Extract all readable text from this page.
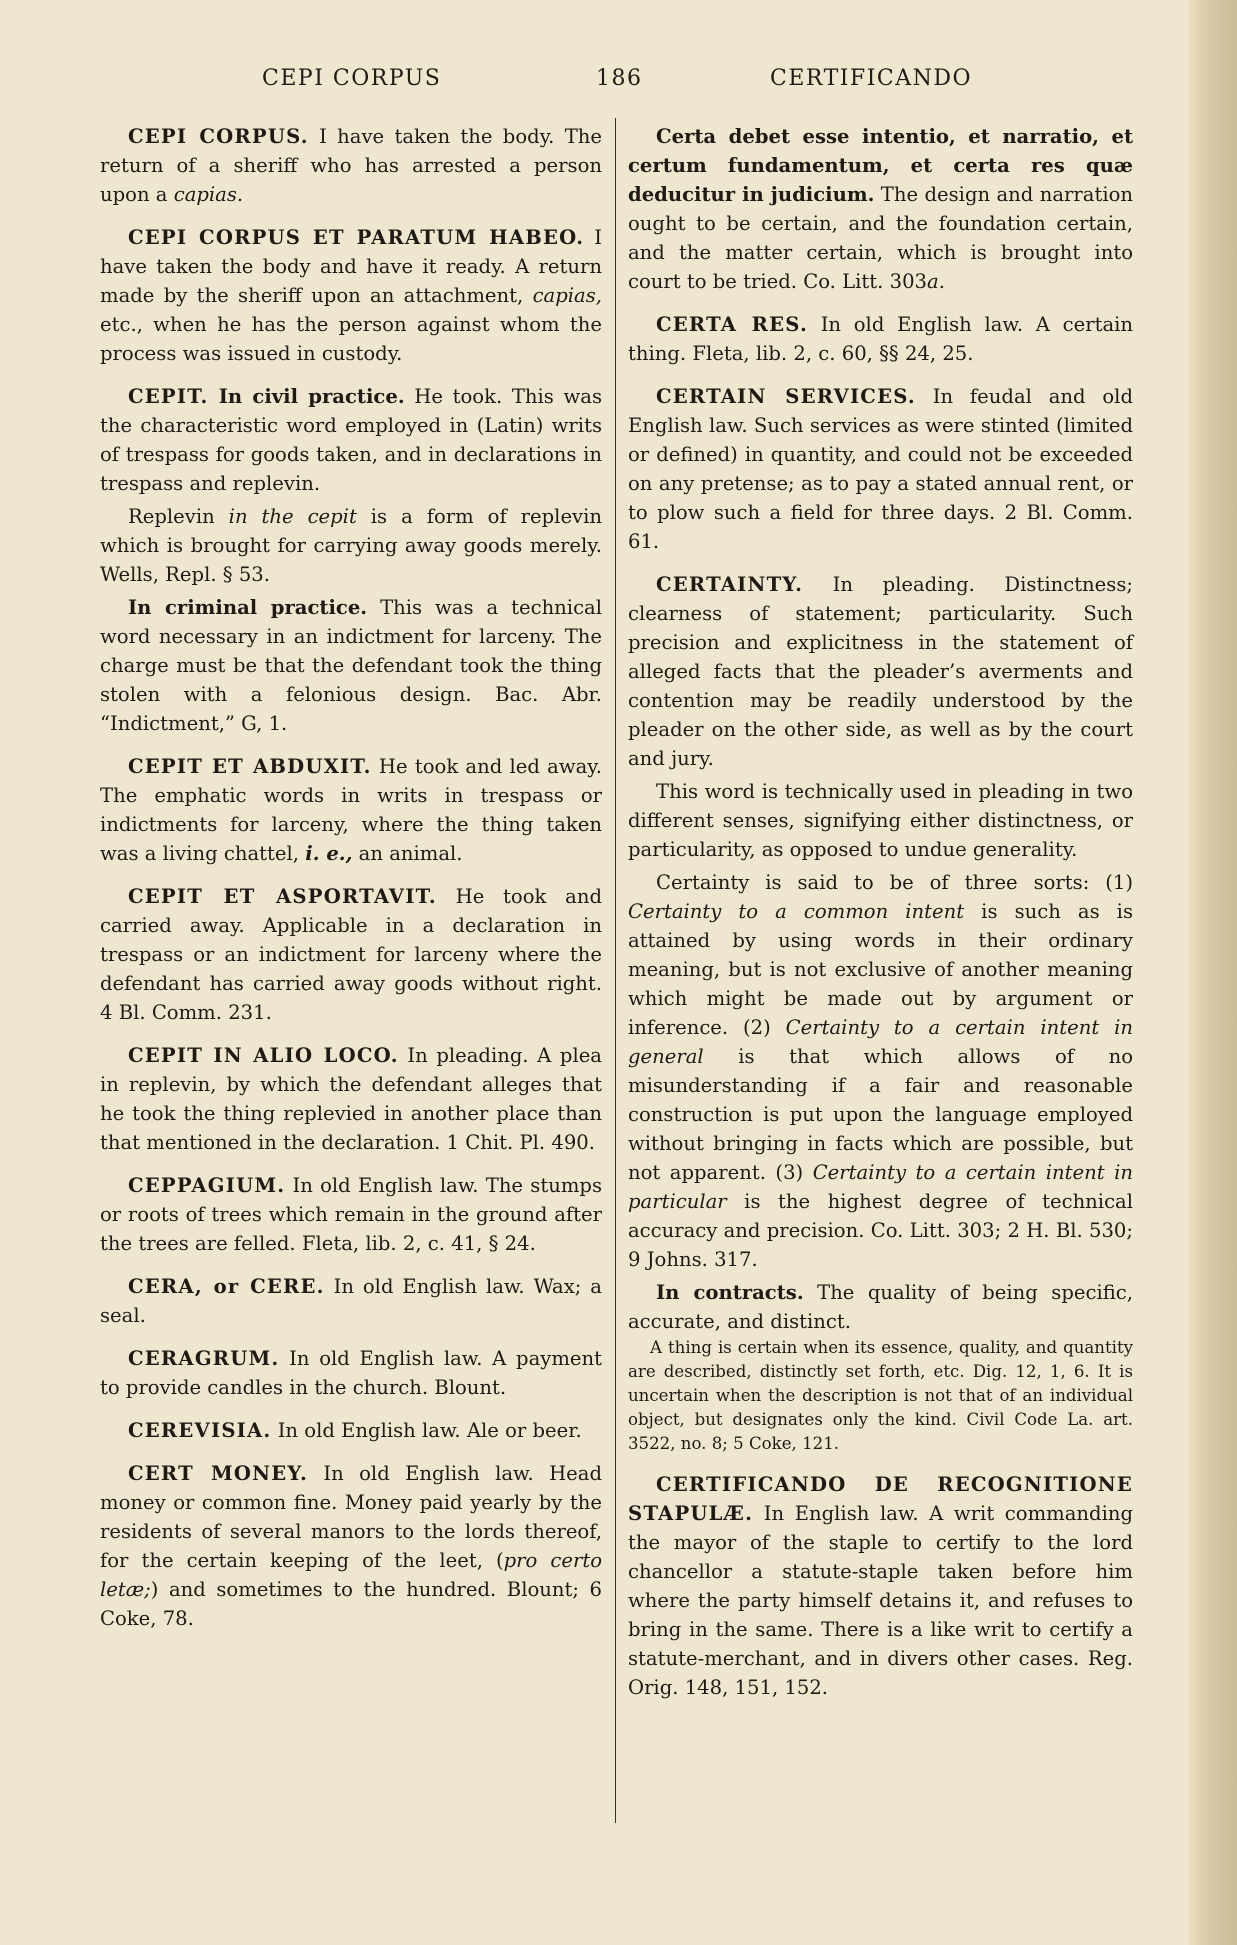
CEPI CORPUS	186	CERTIFICANDO

CEPI CORPUS. I have taken the body. The return of a sheriff who has arrested a person upon a capias.

CEPI CORPUS ET PARATUM HABEO. I have taken the body and have it ready. A return made by the sheriff upon an attachment, capias, etc., when he has the person against whom the process was issued in custody.

CEPIT. In civil practice. He took. This was the characteristic word employed in (Latin) writs of trespass for goods taken, and in declarations in trespass and replevin.

Replevin in the cepit is a form of replevin which is brought for carrying away goods merely. Wells, Repl. § 53.

In criminal practice. This was a technical word necessary in an indictment for larceny. The charge must be that the defendant took the thing stolen with a felonious design. Bac. Abr. “Indictment,” G, 1.

CEPIT ET ABDUXIT. He took and led away. The emphatic words in writs in trespass or indictments for larceny, where the thing taken was a living chattel, i. e., an animal.

CEPIT ET ASPORTAVIT. He took and carried away. Applicable in a declaration in trespass or an indictment for larceny where the defendant has carried away goods without right. 4 Bl. Comm. 231.

CEPIT IN ALIO LOCO. In pleading. A plea in replevin, by which the defendant alleges that he took the thing replevied in another place than that mentioned in the declaration. 1 Chit. Pl. 490.

CEPPAGIUM. In old English law. The stumps or roots of trees which remain in the ground after the trees are felled. Fleta, lib. 2, c. 41, § 24.

CERA, or CERE. In old English law. Wax; a seal.

CERAGRUM. In old English law. A payment to provide candles in the church. Blount.

CEREVISIA. In old English law. Ale or beer.

CERT MONEY. In old English law. Head money or common fine. Money paid yearly by the residents of several manors to the lords thereof, for the certain keeping of the leet, (pro certo letæ;) and sometimes to the hundred. Blount; 6 Coke, 78.

Certa debet esse intentio, et narratio, et certum fundamentum, et certa res quæ deducitur in judicium. The design and narration ought to be certain, and the foundation certain, and the matter certain, which is brought into court to be tried. Co. Litt. 303a.

CERTA RES. In old English law. A certain thing. Fleta, lib. 2, c. 60, §§ 24, 25.

CERTAIN SERVICES. In feudal and old English law. Such services as were stinted (limited or defined) in quantity, and could not be exceeded on any pretense; as to pay a stated annual rent, or to plow such a field for three days. 2 Bl. Comm. 61.

CERTAINTY. In pleading. Distinctness; clearness of statement; particularity. Such precision and explicitness in the statement of alleged facts that the pleader’s averments and contention may be readily understood by the pleader on the other side, as well as by the court and jury.

This word is technically used in pleading in two different senses, signifying either distinctness, or particularity, as opposed to undue generality.

Certainty is said to be of three sorts: (1) Certainty to a common intent is such as is attained by using words in their ordinary meaning, but is not exclusive of another meaning which might be made out by argument or inference. (2) Certainty to a certain intent in general is that which allows of no misunderstanding if a fair and reasonable construction is put upon the language employed without bringing in facts which are possible, but not apparent. (3) Certainty to a certain intent in particular is the highest degree of technical accuracy and precision. Co. Litt. 303; 2 H. Bl. 530; 9 Johns. 317.

In contracts. The quality of being specific, accurate, and distinct.

A thing is certain when its essence, quality, and quantity are described, distinctly set forth, etc. Dig. 12, 1, 6. It is uncertain when the description is not that of an individual object, but designates only the kind. Civil Code La. art. 3522, no. 8; 5 Coke, 121.

CERTIFICANDO DE RECOGNITIONE STAPULÆ. In English law. A writ commanding the mayor of the staple to certify to the lord chancellor a statute-staple taken before him where the party himself detains it, and refuses to bring in the same. There is a like writ to certify a statute-merchant, and in divers other cases. Reg. Orig. 148, 151, 152.
